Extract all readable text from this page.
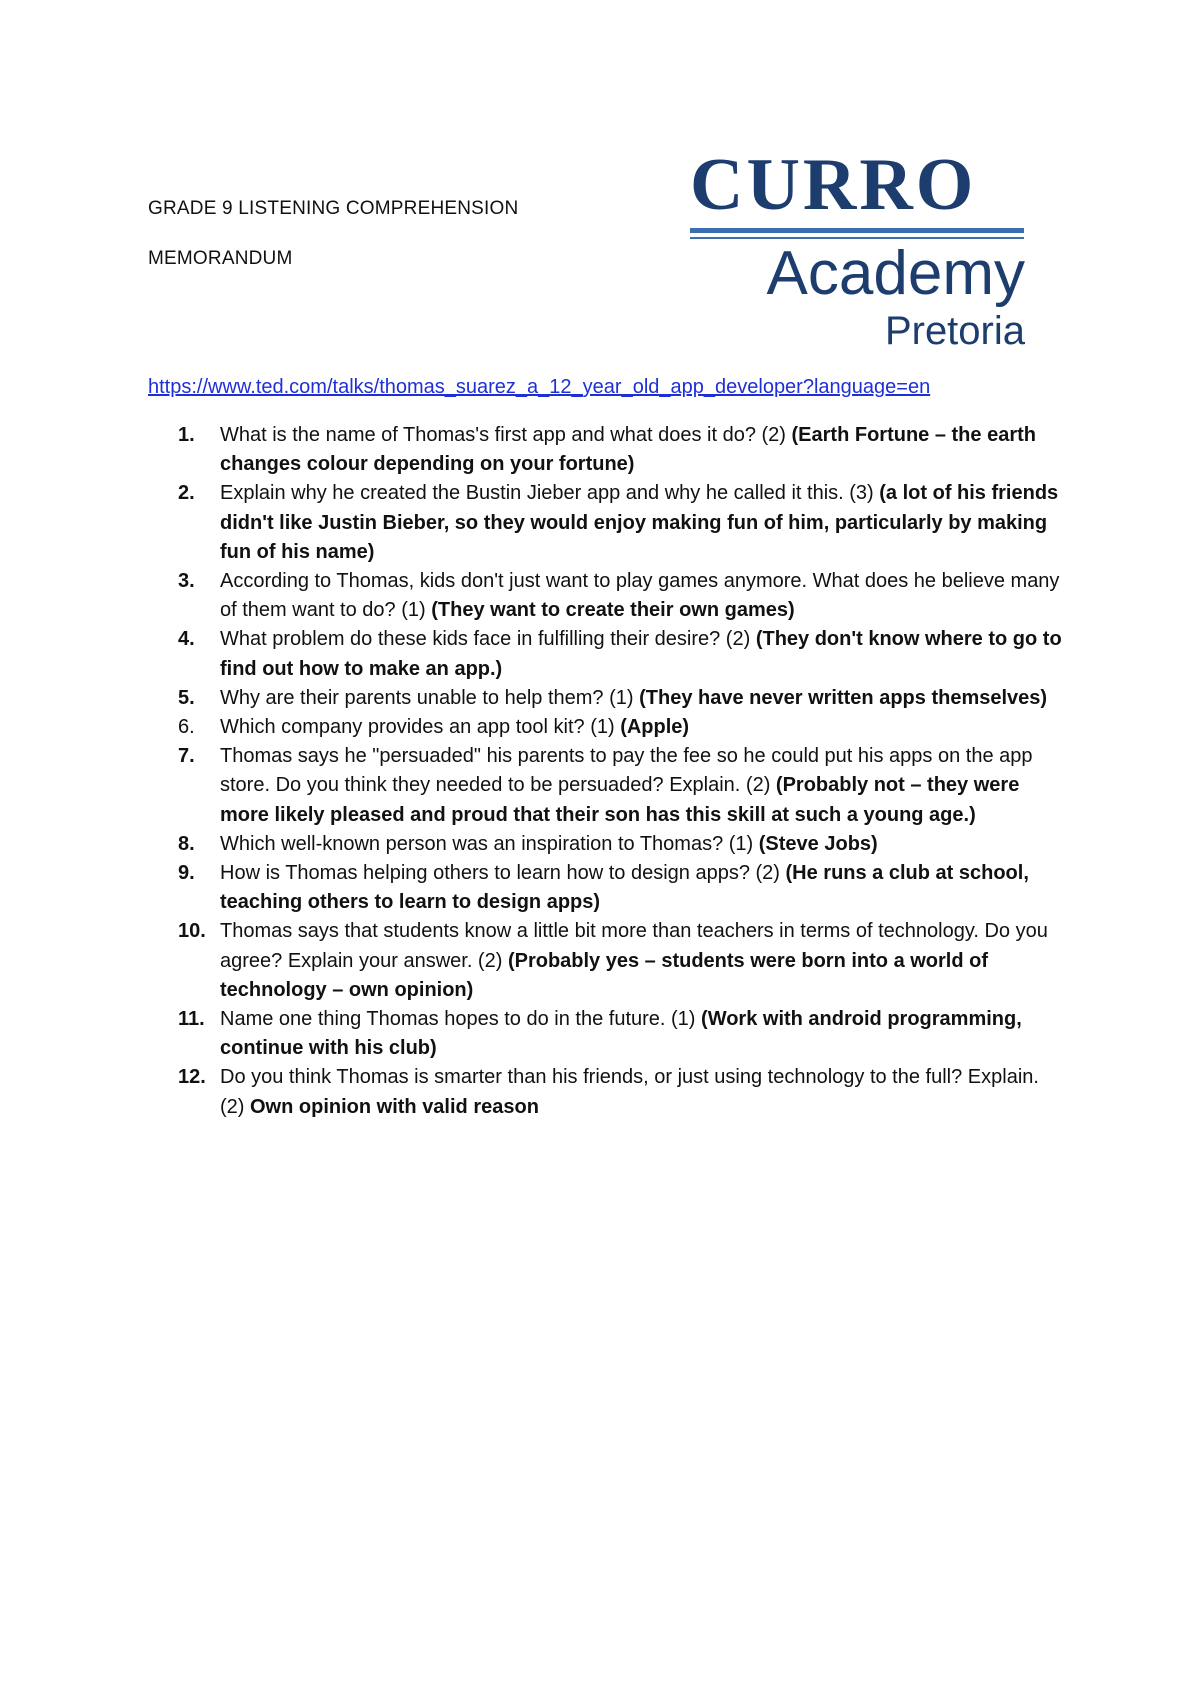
GRADE 9 LISTENING COMPREHENSION
MEMORANDUM
CURRO
Academy
Pretoria
https://www.ted.com/talks/thomas_suarez_a_12_year_old_app_developer?language=en
1.	What is the name of Thomas's first app and what does it do? (2) (Earth Fortune – the earth changes colour depending on your fortune)
2.	Explain why he created the Bustin Jieber app and why he called it this. (3) (a lot of his friends didn't like Justin Bieber, so they would enjoy making fun of him, particularly by making fun of his name)
3.	According to Thomas, kids don't just want to play games anymore. What does he believe many of them want to do? (1) (They want to create their own games)
4.	What problem do these kids face in fulfilling their desire? (2) (They don't know where to go to find out how to make an app.)
5.	Why are their parents unable to help them? (1) (They have never written apps themselves)
6.	Which company provides an app tool kit? (1) (Apple)
7.	Thomas says he "persuaded" his parents to pay the fee so he could put his apps on the app store. Do you think they needed to be persuaded? Explain. (2) (Probably not – they were more likely pleased and proud that their son has this skill at such a young age.)
8.	Which well-known person was an inspiration to Thomas? (1) (Steve Jobs)
9.	How is Thomas helping others to learn how to design apps? (2) (He runs a club at school, teaching others to learn to design apps)
10. Thomas says that students know a little bit more than teachers in terms of technology. Do you agree? Explain your answer. (2) (Probably yes – students were born into a world of technology – own opinion)
11. Name one thing Thomas hopes to do in the future. (1) (Work with android programming, continue with his club)
12. Do you think Thomas is smarter than his friends, or just using technology to the full? Explain. (2) Own opinion with valid reason
